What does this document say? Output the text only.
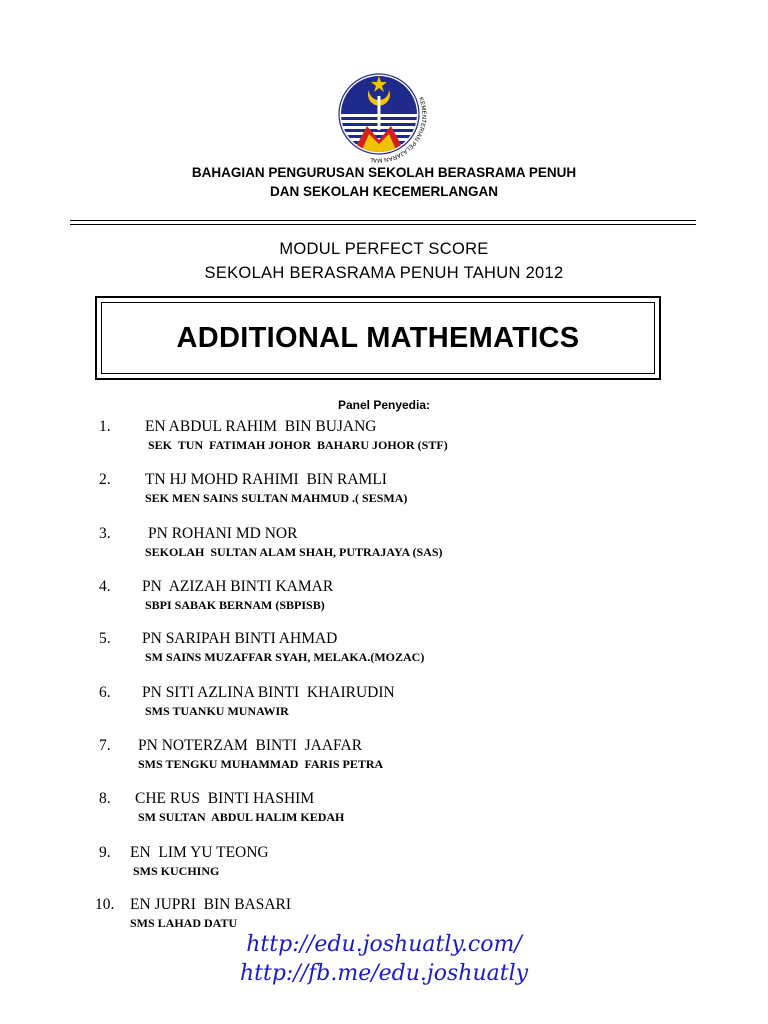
KEMENTERIAN PELAJARAN MAL
BAHAGIAN PENGURUSAN SEKOLAH BERASRAMA PENUH
DAN SEKOLAH KECEMERLANGAN
MODUL PERFECT SCORE
SEKOLAH BERASRAMA PENUH TAHUN 2012
ADDITIONAL MATHEMATICS
Panel Penyedia:
1. EN ABDUL RAHIM  BIN BUJANG
SEK  TUN  FATIMAH JOHOR  BAHARU JOHOR (STF)
2. TN HJ MOHD RAHIMI  BIN RAMLI
SEK MEN SAINS SULTAN MAHMUD .( SESMA)
3. PN ROHANI MD NOR
SEKOLAH  SULTAN ALAM SHAH, PUTRAJAYA (SAS)
4. PN  AZIZAH BINTI KAMAR
SBPI SABAK BERNAM (SBPISB)
5. PN SARIPAH BINTI AHMAD
SM SAINS MUZAFFAR SYAH, MELAKA.(MOZAC)
6. PN SITI AZLINA BINTI  KHAIRUDIN
SMS TUANKU MUNAWIR
7. PN NOTERZAM  BINTI  JAAFAR
SMS TENGKU MUHAMMAD  FARIS PETRA
8. CHE RUS  BINTI HASHIM
SM SULTAN  ABDUL HALIM KEDAH
9. EN  LIM YU TEONG
SMS KUCHING
10. EN JUPRI  BIN BASARI
SMS LAHAD DATU
http://edu.joshuatly.com/
http://fb.me/edu.joshuatly
